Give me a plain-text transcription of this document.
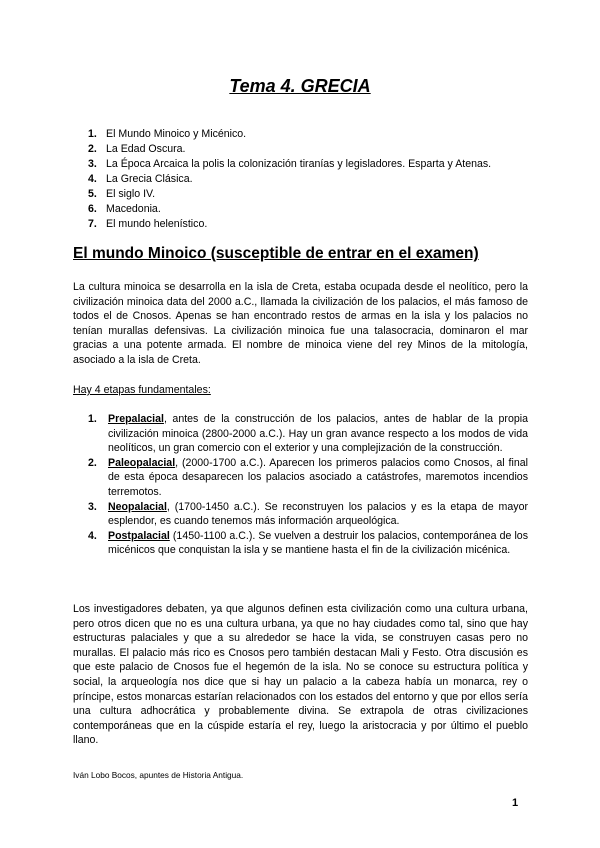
Tema 4. GRECIA
1. El Mundo Minoico y Micénico.
2. La Edad Oscura.
3. La Época Arcaica la polis la colonización tiranías y legisladores. Esparta y Atenas.
4. La Grecia Clásica.
5. El siglo IV.
6. Macedonia.
7. El mundo helenístico.
El mundo Minoico (susceptible de entrar en el examen)

La cultura minoica se desarrolla en la isla de Creta, estaba ocupada desde el neolítico, pero la civilización minoica data del 2000 a.C., llamada la civilización de los palacios, el más famoso de todos el de Cnosos. Apenas se han encontrado restos de armas en la isla y los palacios no tenían murallas defensivas. La civilización minoica fue una talasocracia, dominaron el mar gracias a una potente armada. El nombre de minoica viene del rey Minos de la mitología, asociado a la isla de Creta.

Hay 4 etapas fundamentales:
1. Prepalacial, antes de la construcción de los palacios, antes de hablar de la propia civilización minoica (2800-2000 a.C.). Hay un gran avance respecto a los modos de vida neolíticos, un gran comercio con el exterior y una complejización de la construcción.
2. Paleopalacial, (2000-1700 a.C.). Aparecen los primeros palacios como Cnosos, al final de esta época desaparecen los palacios asociado a catástrofes, maremotos incendios terremotos.
3. Neopalacial, (1700-1450 a.C.). Se reconstruyen los palacios y es la etapa de mayor esplendor, es cuando tenemos más información arqueológica.
4. Postpalacial (1450-1100 a.C.). Se vuelven a destruir los palacios, contemporánea de los micénicos que conquistan la isla y se mantiene hasta el fin de la civilización micénica.

Los investigadores debaten, ya que algunos definen esta civilización como una cultura urbana, pero otros dicen que no es una cultura urbana, ya que no hay ciudades como tal, sino que hay estructuras palaciales y que a su alrededor se hace la vida, se construyen casas pero no murallas. El palacio más rico es Cnosos pero también destacan Mali y Festo. Otra discusión es que este palacio de Cnosos fue el hegemón de la isla. No se conoce su estructura política y social, la arqueología nos dice que si hay un palacio a la cabeza había un monarca, rey o príncipe, estos monarcas estarían relacionados con los estados del entorno y que por ellos sería una cultura adhocrática y probablemente divina. Se extrapola de otras civilizaciones contemporáneas que en la cúspide estaría el rey, luego la aristocracia y por último el pueblo llano.

Iván Lobo Bocos, apuntes de Historia Antigua.
1
